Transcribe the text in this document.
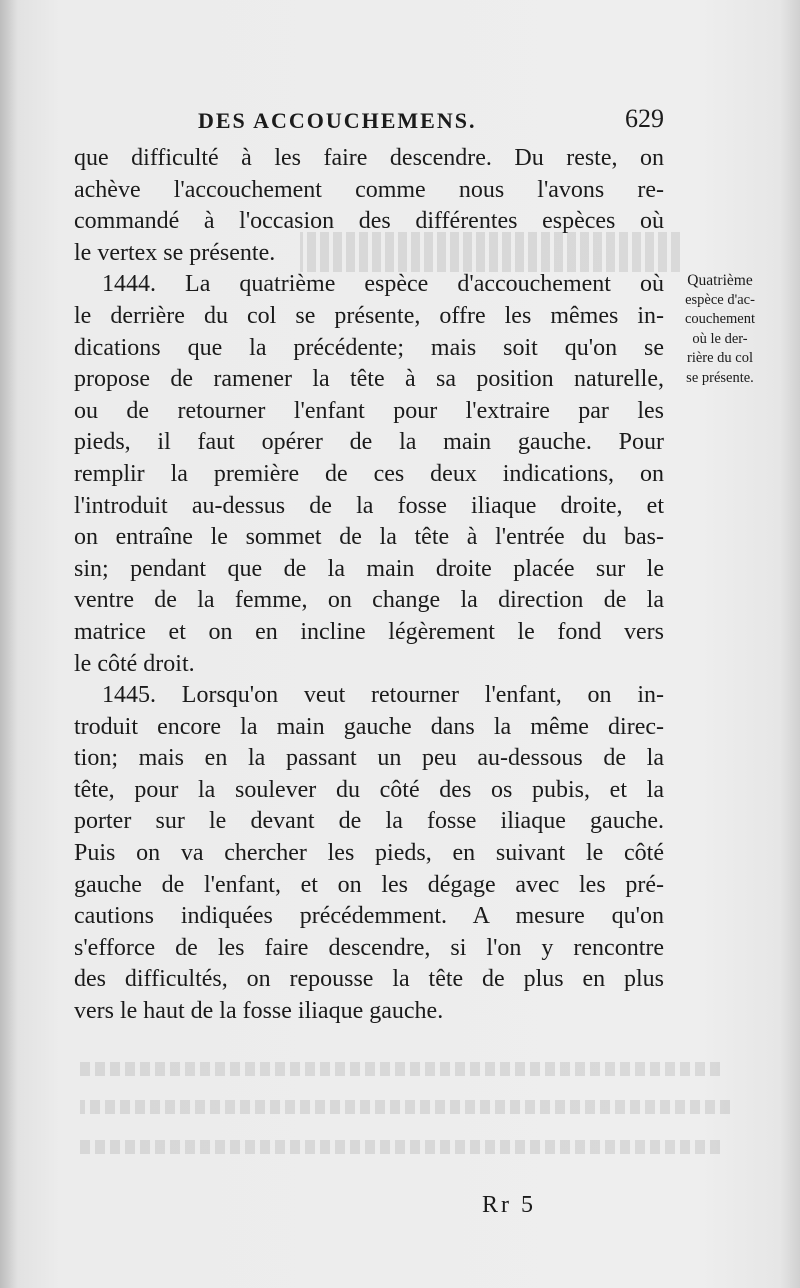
DES ACCOUCHEMENS.	629
que difficulté à les faire descendre. Du reste, on
achève l'accouchement comme nous l'avons re-
commandé à l'occasion des différentes espèces où
le vertex se présente.
1444. La quatrième espèce d'accouchement où
le derrière du col se présente, offre les mêmes in-
dications que la précédente; mais soit qu'on se
propose de ramener la tête à sa position naturelle,
ou de retourner l'enfant pour l'extraire par les
pieds, il faut opérer de la main gauche. Pour
remplir la première de ces deux indications, on
l'introduit au-dessus de la fosse iliaque droite, et
on entraîne le sommet de la tête à l'entrée du bas-
sin; pendant que de la main droite placée sur le
ventre de la femme, on change la direction de la
matrice et on en incline légèrement le fond vers
le côté droit.
1445. Lorsqu'on veut retourner l'enfant, on in-
troduit encore la main gauche dans la même direc-
tion; mais en la passant un peu au-dessous de la
tête, pour la soulever du côté des os pubis, et la
porter sur le devant de la fosse iliaque gauche.
Puis on va chercher les pieds, en suivant le côté
gauche de l'enfant, et on les dégage avec les pré-
cautions indiquées précédemment. A mesure qu'on
s'efforce de les faire descendre, si l'on y rencontre
des difficultés, on repousse la tête de plus en plus
vers le haut de la fosse iliaque gauche.
Quatrième
espèce d'ac-
couchement
où le der-
rière du col
se présente.
Rr 5
